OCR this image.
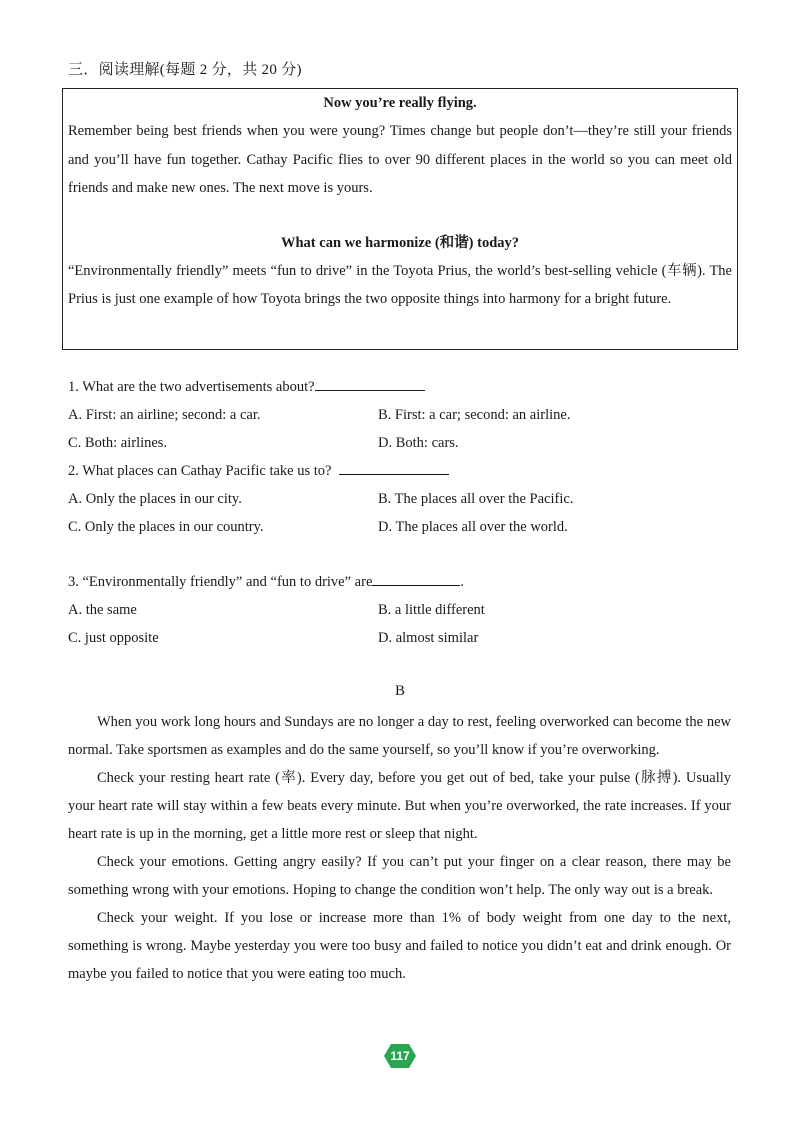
三．阅读理解(每题 2 分，共 20 分)

Now you’re really flying.

Remember being best friends when you were young? Times change but people don’t—they’re still your friends and you’ll have fun together. Cathay Pacific flies to over 90 different places in the world so you can meet old friends and make new ones. The next move is yours.

What can we harmonize (和谐) today?

“Environmentally friendly” meets “fun to drive” in the Toyota Prius, the world’s best-selling vehicle (车辆). The Prius is just one example of how Toyota brings the two opposite things into harmony for a bright future.

1. What are the two advertisements about?
A. First: an airline; second: a car.	B. First: a car; second: an airline.
C. Both: airlines.	D. Both: cars.
2. What places can Cathay Pacific take us to?
A. Only the places in our city.	B. The places all over the Pacific.
C. Only the places in our country.	D. The places all over the world.
3. “Environmentally friendly” and “fun to drive” are	.
A. the same	B. a little different
C. just opposite	D. almost similar
B

When you work long hours and Sundays are no longer a day to rest, feeling overworked can become the new normal. Take sportsmen as examples and do the same yourself, so you’ll know if you’re overworking.

Check your resting heart rate (率). Every day, before you get out of bed, take your pulse (脉搏). Usually your heart rate will stay within a few beats every minute. But when you’re overworked, the rate increases. If your heart rate is up in the morning, get a little more rest or sleep that night.

Check your emotions. Getting angry easily? If you can’t put your finger on a clear reason, there may be something wrong with your emotions. Hoping to change the condition won’t help. The only way out is a break.

Check your weight. If you lose or increase more than 1% of body weight from one day to the next, something is wrong. Maybe yesterday you were too busy and failed to notice you didn’t eat and drink enough. Or maybe you failed to notice that you were eating too much.

117
